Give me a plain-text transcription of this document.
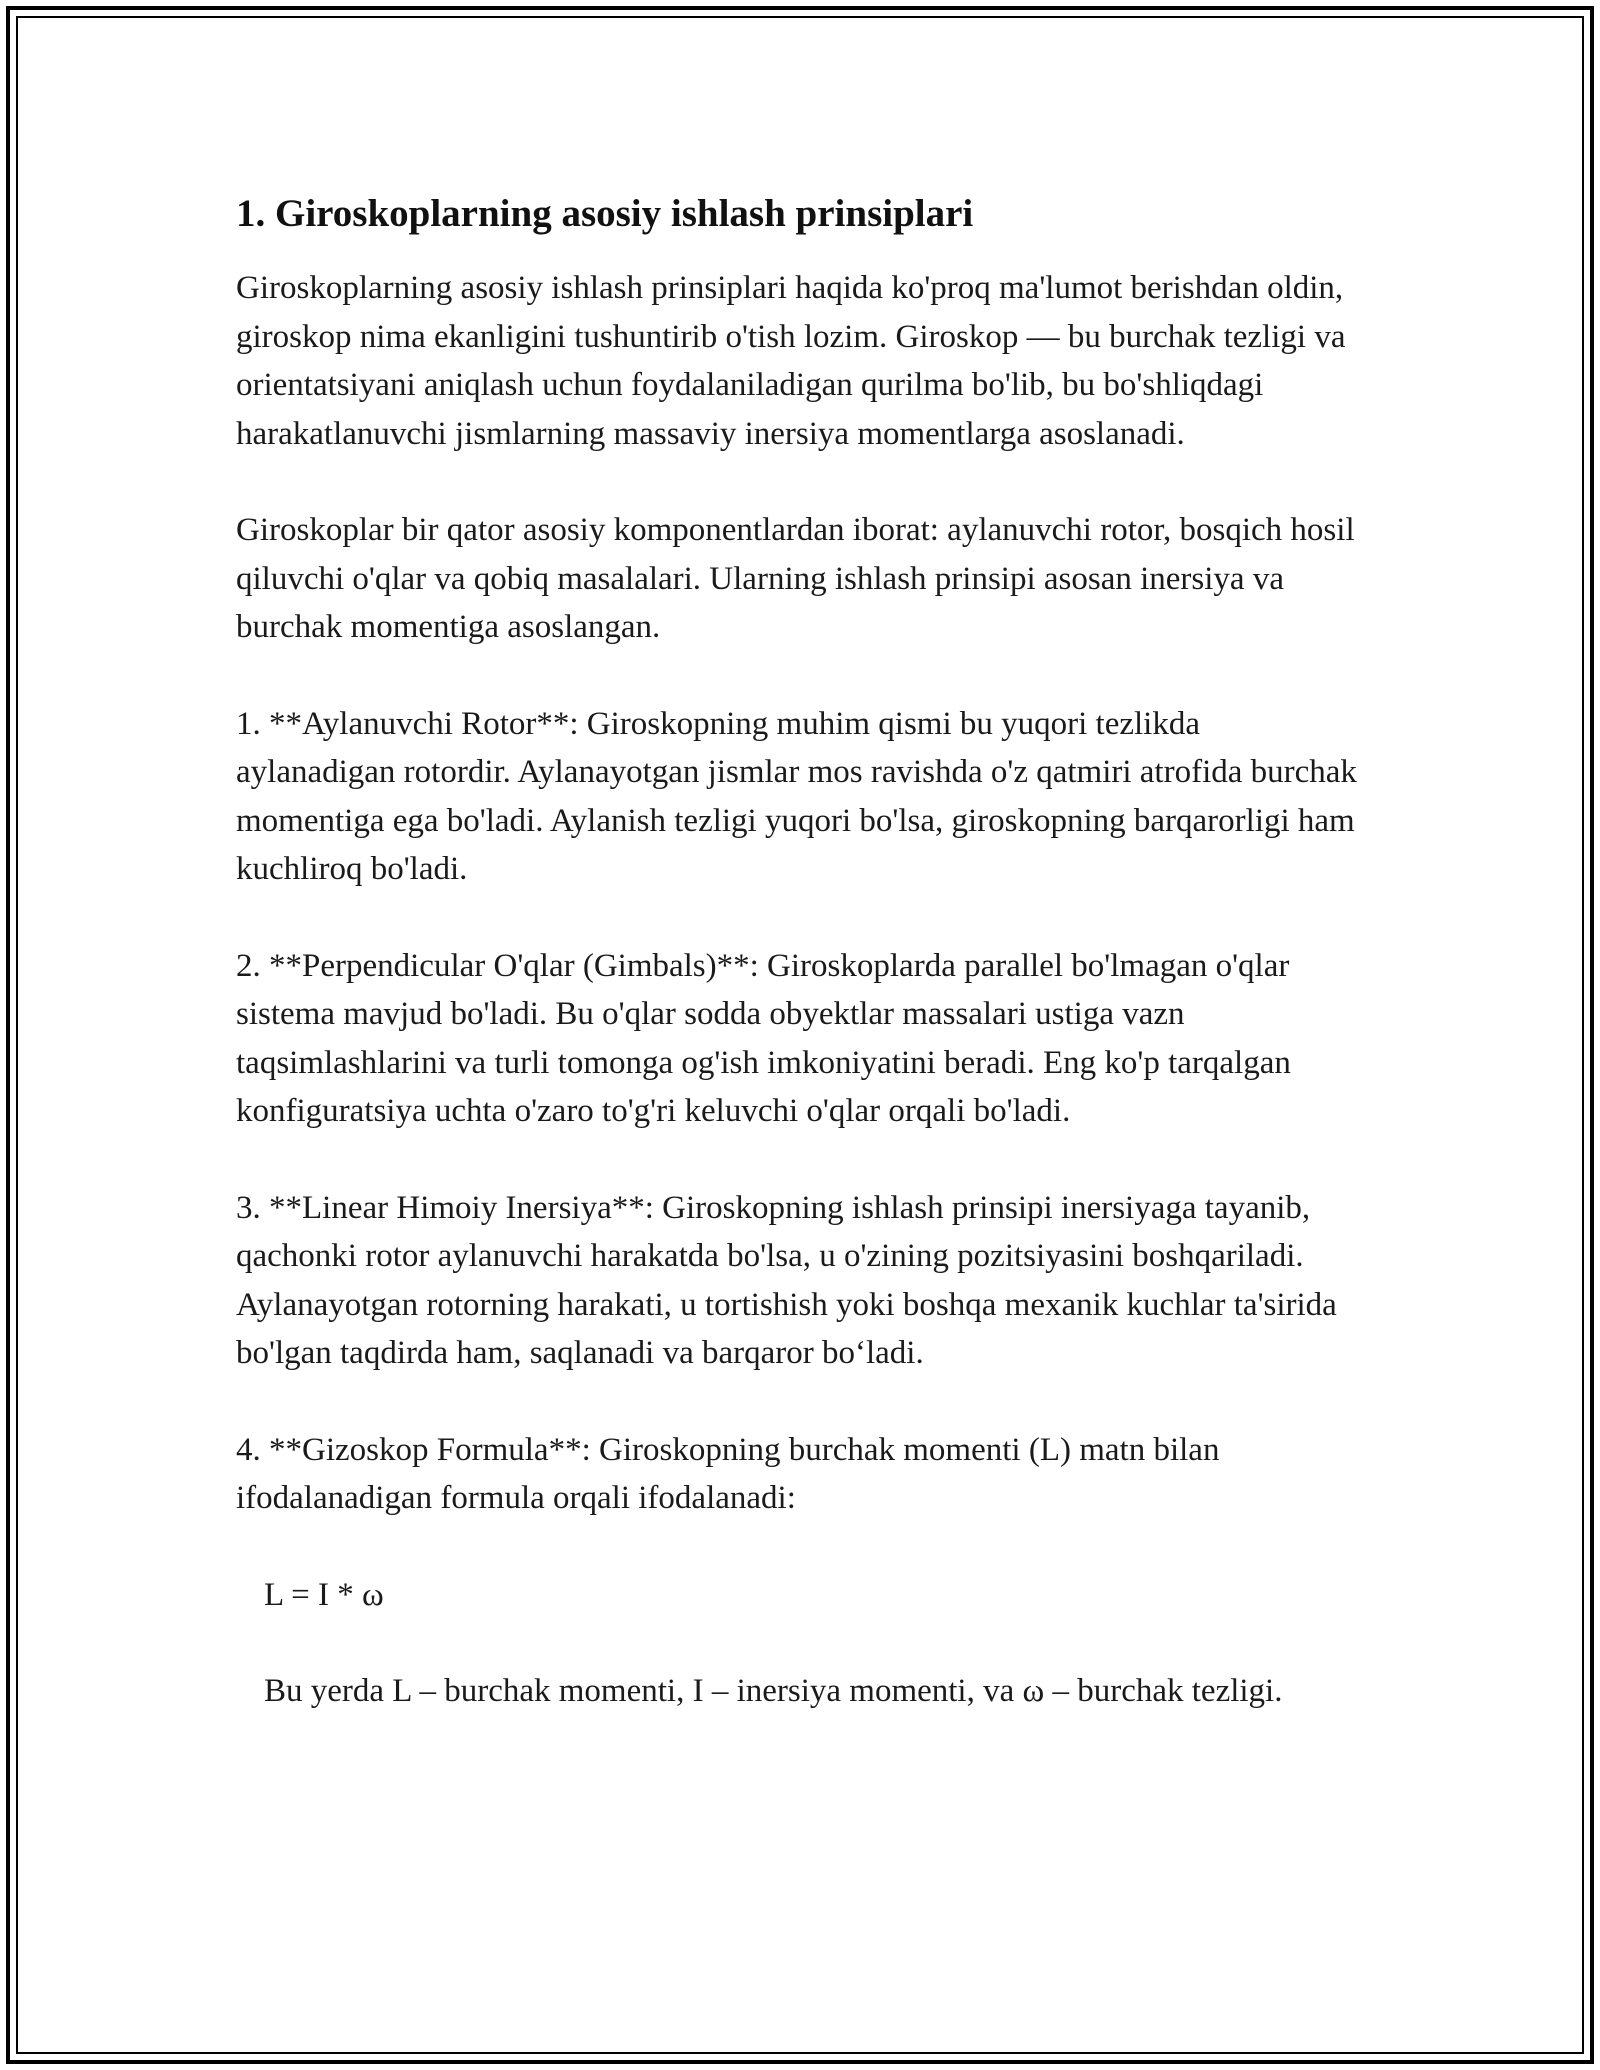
1. Giroskoplarning asosiy ishlash prinsiplari

Giroskoplarning asosiy ishlash prinsiplari haqida ko'proq ma'lumot berishdan oldin, giroskop nima ekanligini tushuntirib o'tish lozim. Giroskop — bu burchak tezligi va orientatsiyani aniqlash uchun foydalaniladigan qurilma bo'lib, bu bo'shliqdagi harakatlanuvchi jismlarning massaviy inersiya momentlarga asoslanadi.

Giroskoplar bir qator asosiy komponentlardan iborat: aylanuvchi rotor, bosqich hosil qiluvchi o'qlar va qobiq masalalari. Ularning ishlash prinsipi asosan inersiya va burchak momentiga asoslangan.

1. **Aylanuvchi Rotor**: Giroskopning muhim qismi bu yuqori tezlikda aylanadigan rotordir. Aylanayotgan jismlar mos ravishda o'z qatmiri atrofida burchak momentiga ega bo'ladi. Aylanish tezligi yuqori bo'lsa, giroskopning barqarorligi ham kuchliroq bo'ladi.

2. **Perpendicular O'qlar (Gimbals)**: Giroskoplarda parallel bo'lmagan o'qlar sistema mavjud bo'ladi. Bu o'qlar sodda obyektlar massalari ustiga vazn taqsimlashlarini va turli tomonga og'ish imkoniyatini beradi. Eng ko'p tarqalgan konfiguratsiya uchta o'zaro to'g'ri keluvchi o'qlar orqali bo'ladi.

3. **Linear Himoiy Inersiya**: Giroskopning ishlash prinsipi inersiyaga tayanib, qachonki rotor aylanuvchi harakatda bo'lsa, u o'zining pozitsiyasini boshqariladi. Aylanayotgan rotorning harakati, u tortishish yoki boshqa mexanik kuchlar ta'sirida bo'lgan taqdirda ham, saqlanadi va barqaror bo‘ladi.

4. **Gizoskop Formula**: Giroskopning burchak momenti (L) matn bilan ifodalanadigan formula orqali ifodalanadi:

L = I * ω

Bu yerda L – burchak momenti, I – inersiya momenti, va ω – burchak tezligi.
